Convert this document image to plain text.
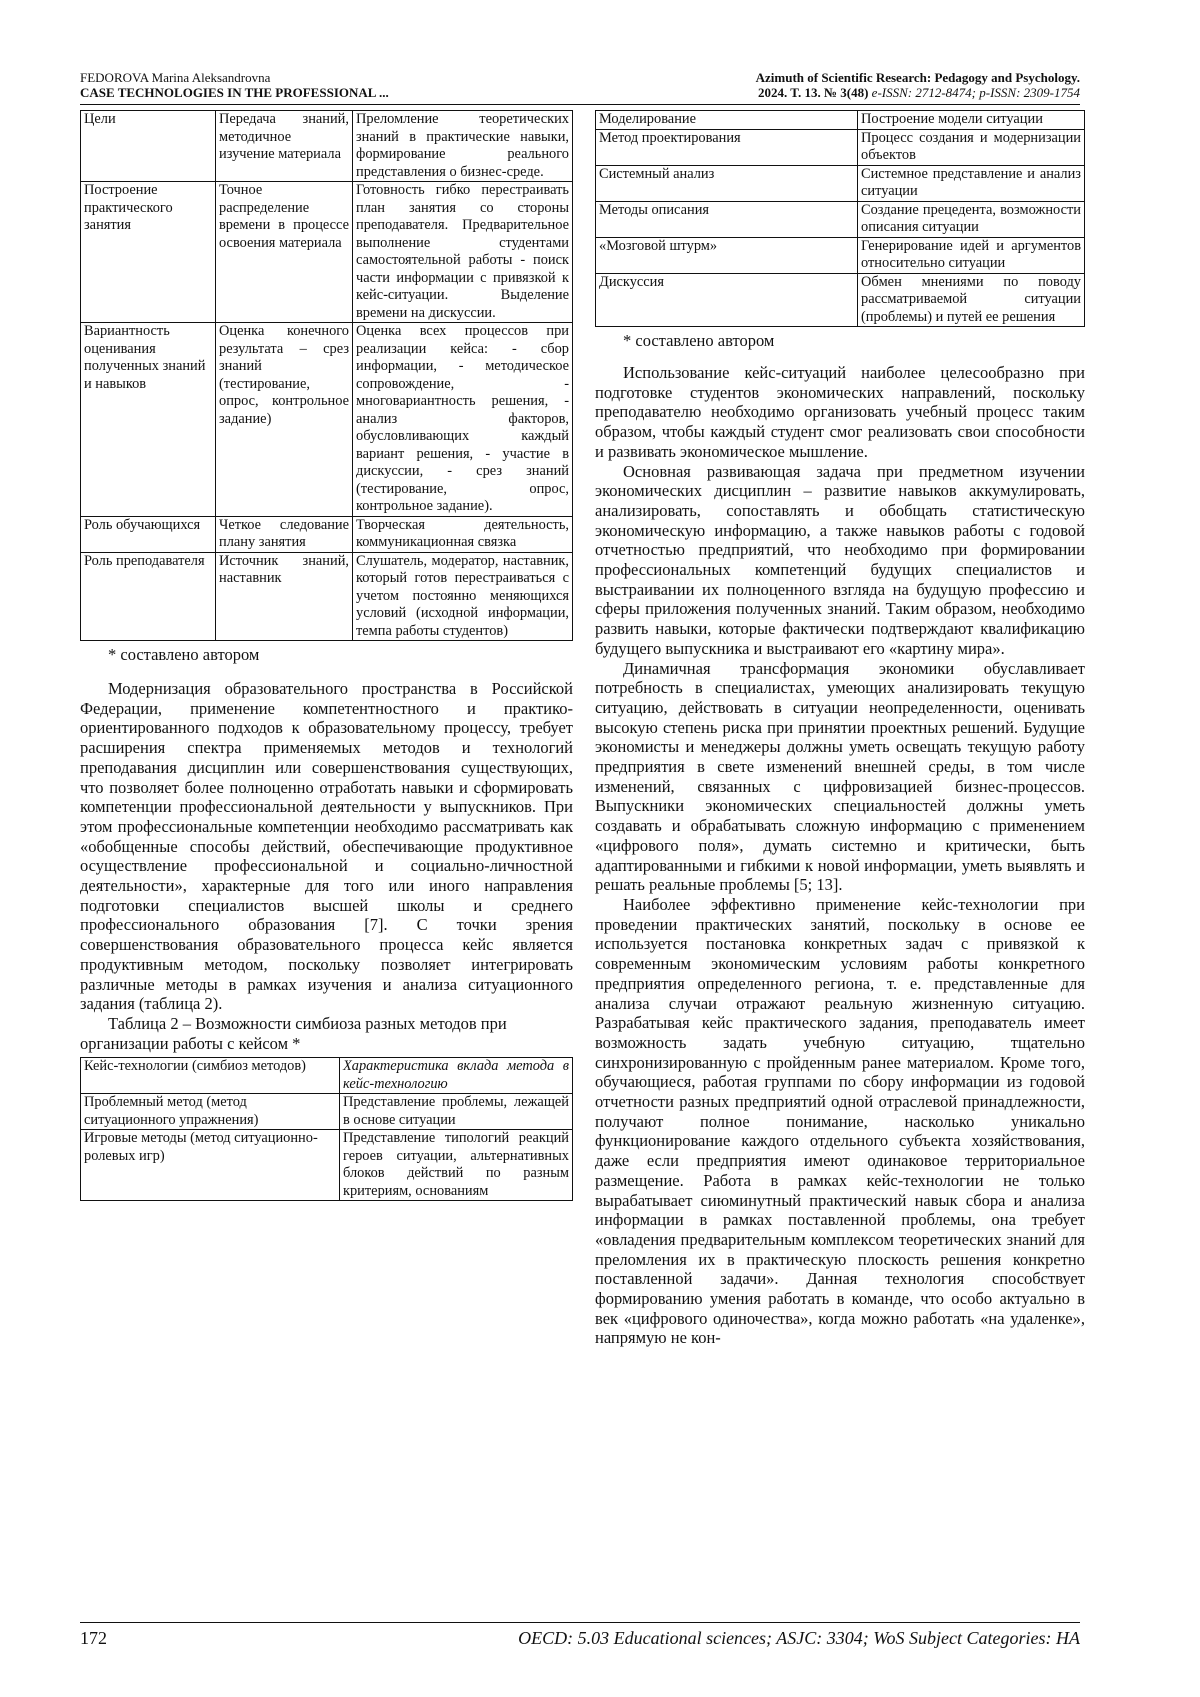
FEDOROVA Marina Aleksandrovna
CASE TECHNOLOGIES IN THE PROFESSIONAL ...
Azimuth of Scientific Research: Pedagogy and Psychology.
2024. T. 13. № 3(48) e-ISSN: 2712-8474; p-ISSN: 2309-1754
Цели	Передача знаний, методичное изучение материала	Преломление теоретических знаний в практические навыки, формирование реального представления о бизнес-среде.
Построение практического занятия	Точное распределение времени в процессе освоения материала	Готовность гибко перестраивать план занятия со стороны преподавателя. Предварительное выполнение студентами самостоятельной работы - поиск части информации с привязкой к кейс-ситуации. Выделение времени на дискуссии.
Вариантность оценивания полученных знаний и навыков	Оценка конечного результата – срез знаний (тестирование, опрос, контрольное задание)	Оценка всех процессов при реализации кейса: - сбор информации, - методическое сопровождение, - многовариантность решения, - анализ факторов, обусловливающих каждый вариант решения, - участие в дискуссии, - срез знаний (тестирование, опрос, контрольное задание).
Роль обучающихся	Четкое следование плану занятия	Творческая деятельность, коммуникационная связка
Роль преподавателя	Источник знаний, наставник	Слушатель, модератор, наставник, который готов перестраиваться с учетом постоянно меняющихся условий (исходной информации, темпа работы студентов)
* составлено автором

Модернизация образовательного пространства в Российской Федерации, применение компетентностного и практико-ориентированного подходов к образовательному процессу, требует расширения спектра применяемых методов и технологий преподавания дисциплин или совершенствования существующих, что позволяет более полноценно отработать навыки и сформировать компетенции профессиональной деятельности у выпускников. При этом профессиональные компетенции необходимо рассматривать как «обобщенные способы действий, обеспечивающие продуктивное осуществление профессиональной и социально-личностной деятельности», характерные для того или иного направления подготовки специалистов высшей школы и среднего профессионального образования [7]. С точки зрения совершенствования образовательного процесса кейс является продуктивным методом, поскольку позволяет интегрировать различные методы в рамках изучения и анализа ситуационного задания (таблица 2).

Таблица 2 – Возможности симбиоза разных методов при организации работы с кейсом *

Кейс-технологии (симбиоз методов)	Характеристика вклада метода в кейс-технологию
Проблемный метод (метод ситуационного упражнения)	Представление проблемы, лежащей в основе ситуации
Игровые методы (метод ситуационно-ролевых игр)	Представление типологий реакций героев ситуации, альтернативных блоков действий по разным критериям, основаниям
Моделирование	Построение модели ситуации
Метод проектирования	Процесс создания и модернизации объектов
Системный анализ	Системное представление и анализ ситуации
Методы описания	Создание прецедента, возможности описания ситуации
«Мозговой штурм»	Генерирование идей и аргументов относительно ситуации
Дискуссия	Обмен мнениями по поводу рассматриваемой ситуации (проблемы) и путей ее решения
* составлено автором

Использование кейс-ситуаций наиболее целесообразно при подготовке студентов экономических направлений, поскольку преподавателю необходимо организовать учебный процесс таким образом, чтобы каждый студент смог реализовать свои способности и развивать экономическое мышление.

Основная развивающая задача при предметном изучении экономических дисциплин – развитие навыков аккумулировать, анализировать, сопоставлять и обобщать статистическую экономическую информацию, а также навыков работы с годовой отчетностью предприятий, что необходимо при формировании профессиональных компетенций будущих специалистов и выстраивании их полноценного взгляда на будущую профессию и сферы приложения полученных знаний. Таким образом, необходимо развить навыки, которые фактически подтверждают квалификацию будущего выпускника и выстраивают его «картину мира».

Динамичная трансформация экономики обуславливает потребность в специалистах, умеющих анализировать текущую ситуацию, действовать в ситуации неопределенности, оценивать высокую степень риска при принятии проектных решений. Будущие экономисты и менеджеры должны уметь освещать текущую работу предприятия в свете изменений внешней среды, в том числе изменений, связанных с цифровизацией бизнес-процессов. Выпускники экономических специальностей должны уметь создавать и обрабатывать сложную информацию с применением «цифрового поля», думать системно и критически, быть адаптированными и гибкими к новой информации, уметь выявлять и решать реальные проблемы [5; 13].

Наиболее эффективно применение кейс-технологии при проведении практических занятий, поскольку в основе ее используется постановка конкретных задач с привязкой к современным экономическим условиям работы конкретного предприятия определенного региона, т. е. представленные для анализа случаи отражают реальную жизненную ситуацию. Разрабатывая кейс практического задания, преподаватель имеет возможность задать учебную ситуацию, тщательно синхронизированную с пройденным ранее материалом. Кроме того, обучающиеся, работая группами по сбору информации из годовой отчетности разных предприятий одной отраслевой принадлежности, получают полное понимание, насколько уникально функционирование каждого отдельного субъекта хозяйствования, даже если предприятия имеют одинаковое территориальное размещение. Работа в рамках кейс-технологии не только вырабатывает сиюминутный практический навык сбора и анализа информации в рамках поставленной проблемы, она требует «овладения предварительным комплексом теоретических знаний для преломления их в практическую плоскость решения конкретно поставленной задачи». Данная технология способствует формированию умения работать в команде, что особо актуально в век «цифрового одиночества», когда можно работать «на удаленке», напрямую не кон-

172	OECD: 5.03 Educational sciences; ASJC: 3304; WoS Subject Categories: HA
